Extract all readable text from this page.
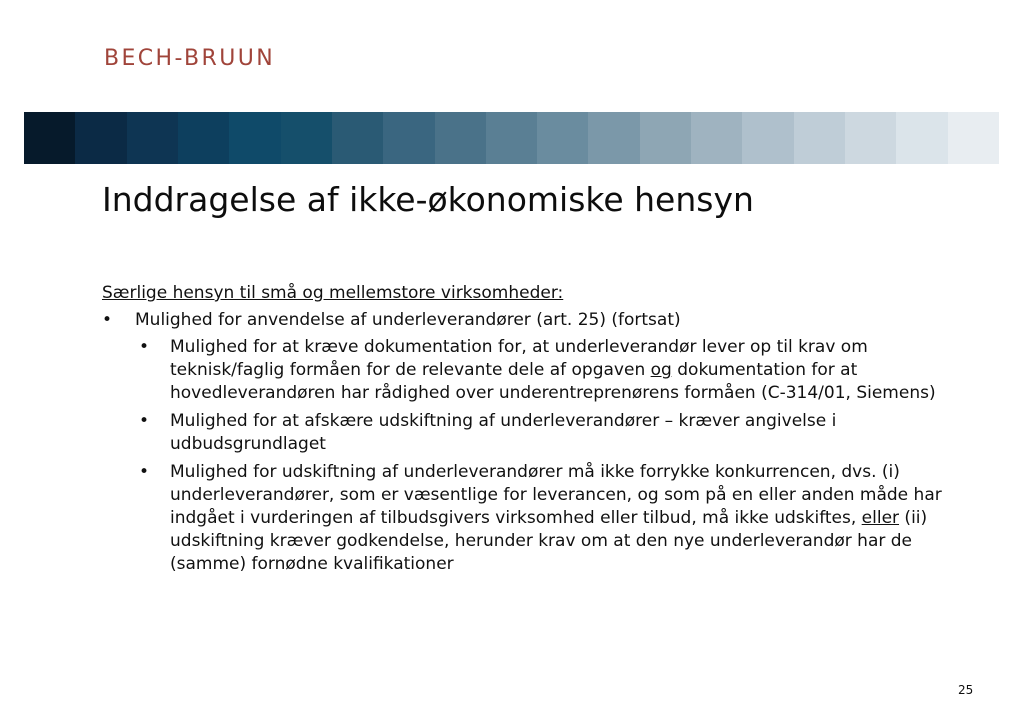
BECH-BRUUN
Inddragelse af ikke-økonomiske hensyn
Særlige hensyn til små og mellemstore virksomheder:
• Mulighed for anvendelse af underleverandører (art. 25) (fortsat)
• Mulighed for at kræve dokumentation for, at underleverandør lever op til krav om teknisk/faglig formåen for de relevante dele af opgaven og dokumentation for at hovedleverandøren har rådighed over underentreprenørens formåen (C-314/01, Siemens)
• Mulighed for at afskære udskiftning af underleverandører – kræver angivelse i udbudsgrundlaget
• Mulighed for udskiftning af underleverandører må ikke forrykke konkurrencen, dvs. (i) underleverandører, som er væsentlige for leverancen, og som på en eller anden måde har indgået i vurderingen af tilbudsgivers virksomhed eller tilbud, må ikke udskiftes, eller (ii) udskiftning kræver godkendelse, herunder krav om at den nye underleverandør har de (samme) fornødne kvalifikationer
25
